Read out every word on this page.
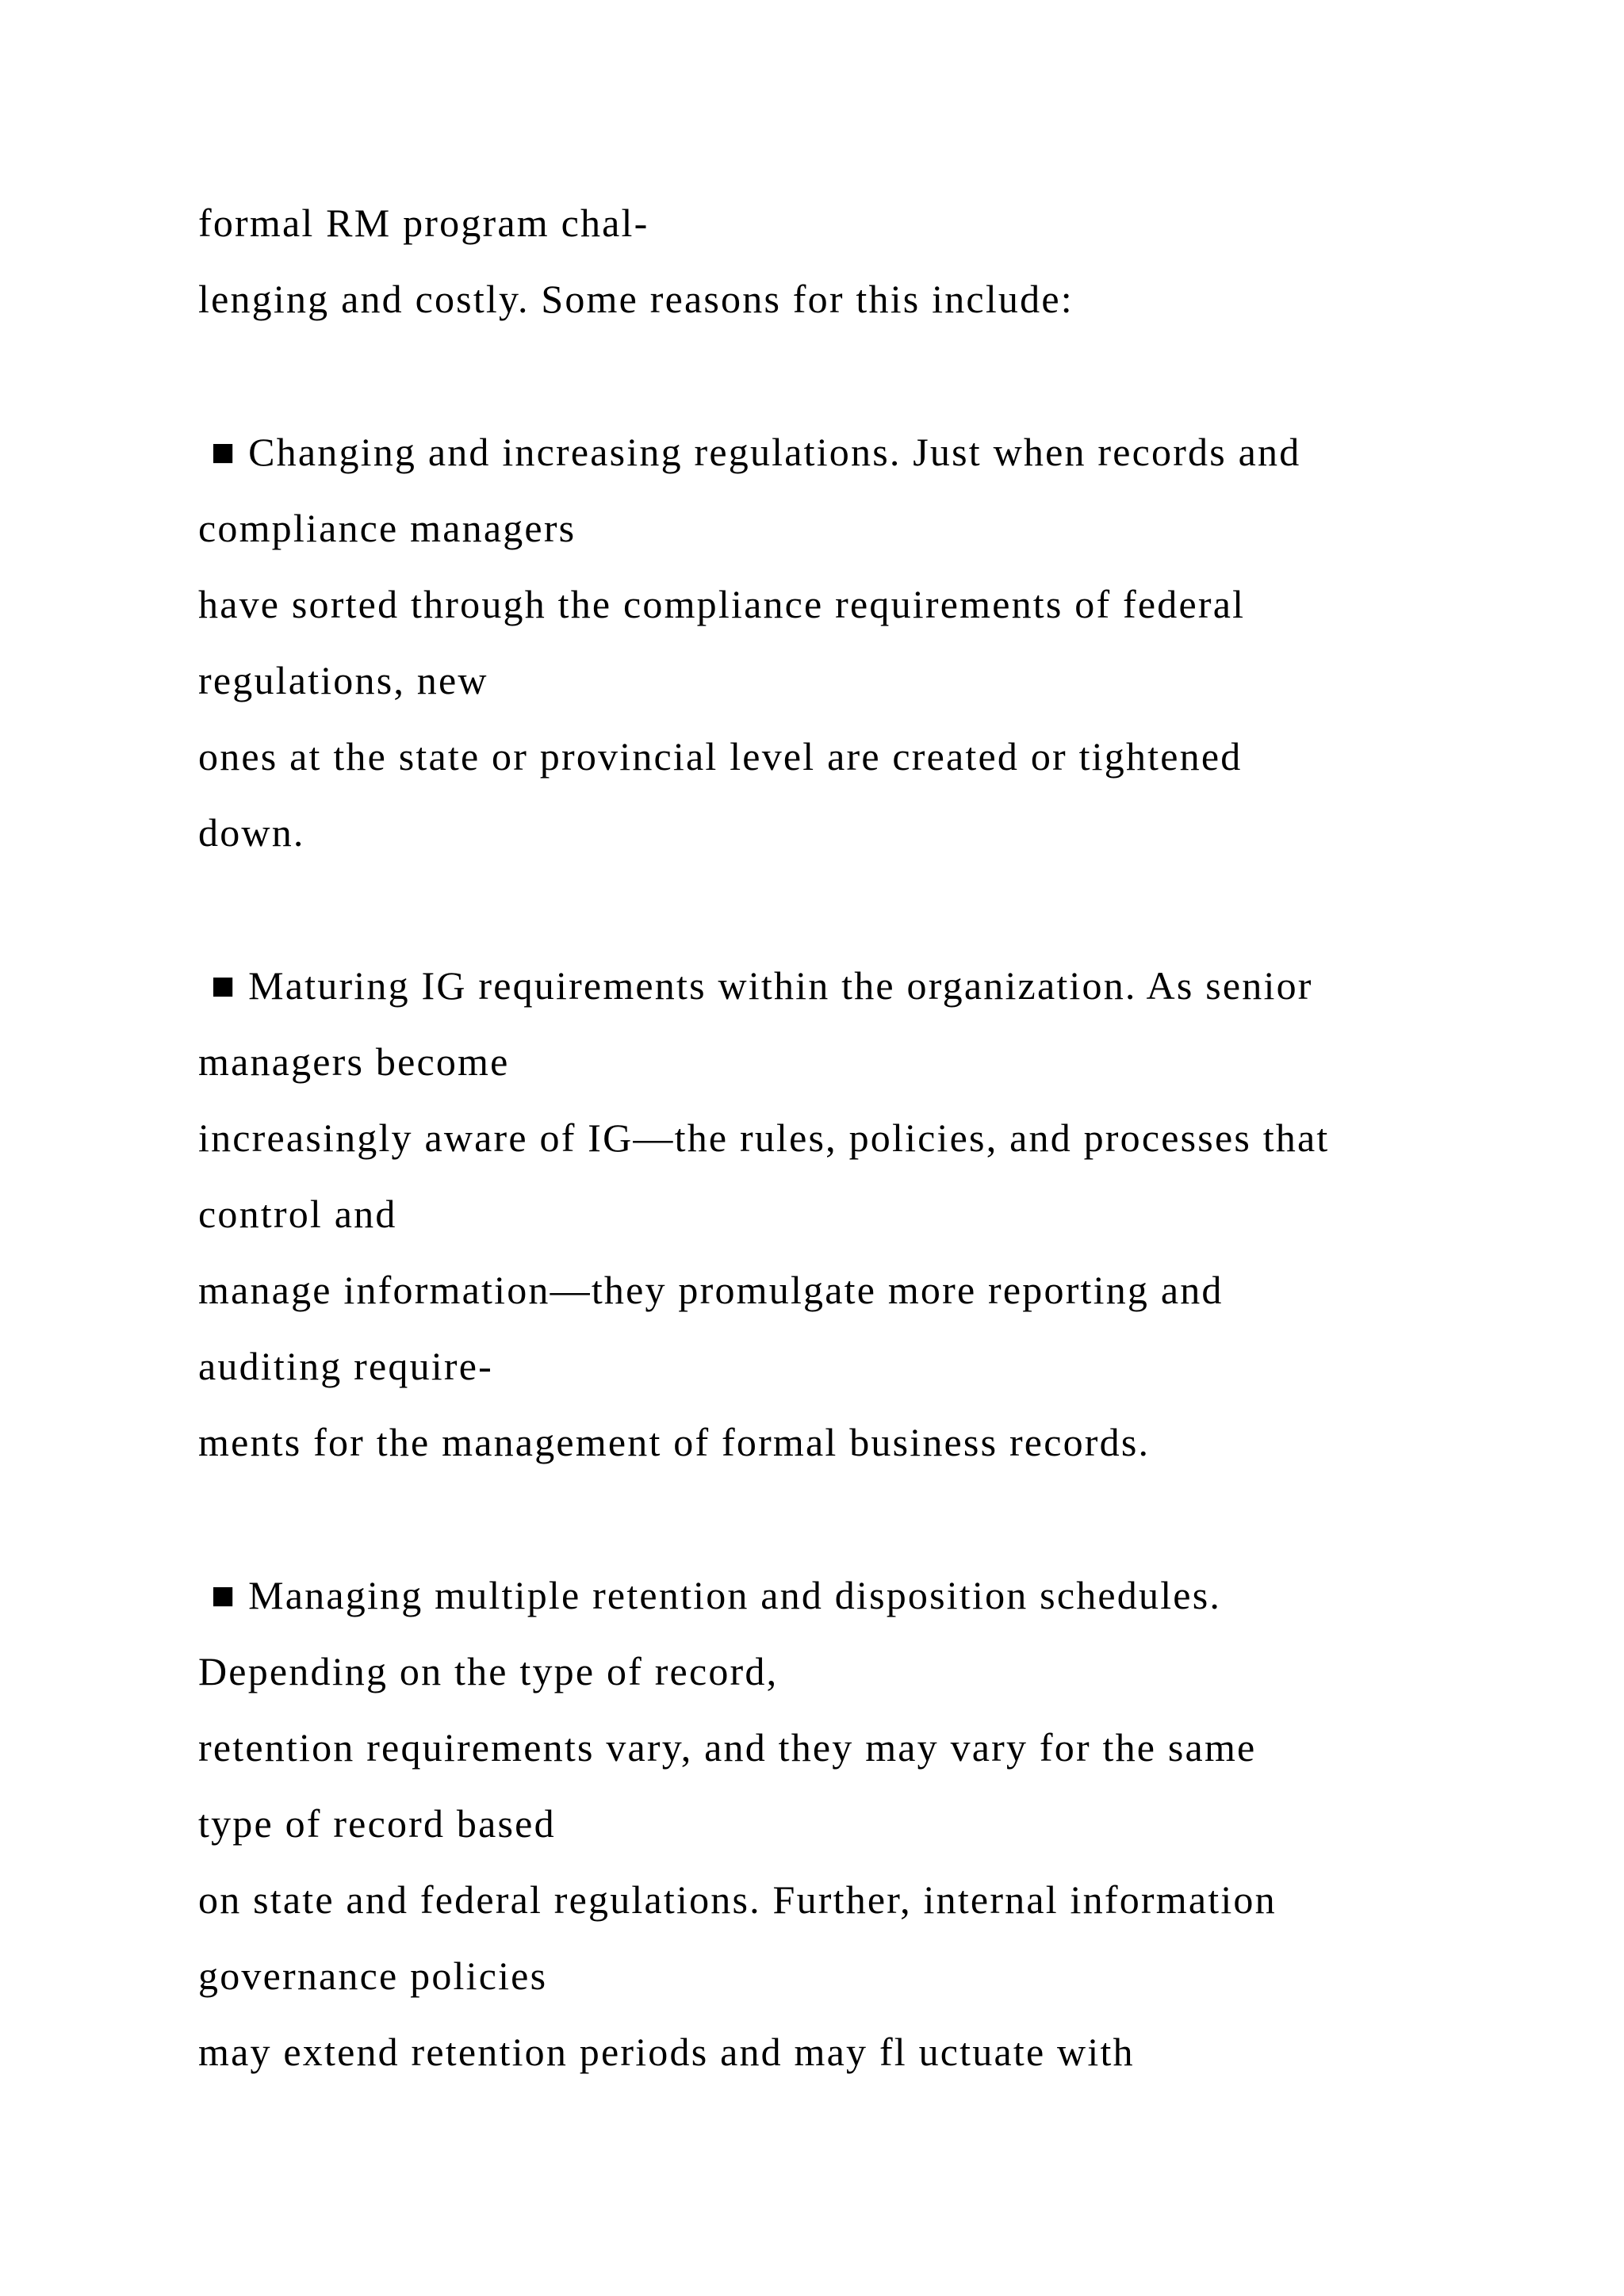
formal RM program chal-

lenging and costly. Some reasons for this include:

■ Changing and increasing regulations. Just when records and

compliance managers

have sorted through the compliance requirements of federal

regulations, new

ones at the state or provincial level are created or tightened

down.

■ Maturing IG requirements within the organization. As senior

managers become

increasingly aware of IG—the rules, policies, and processes that

control and

manage information—they promulgate more reporting and

auditing require-

ments for the management of formal business records.

■ Managing multiple retention and disposition schedules.

Depending on the type of record,

retention requirements vary, and they may vary for the same

type of record based

on state and federal regulations. Further, internal information

governance policies

may extend retention periods and may fl uctuate with
